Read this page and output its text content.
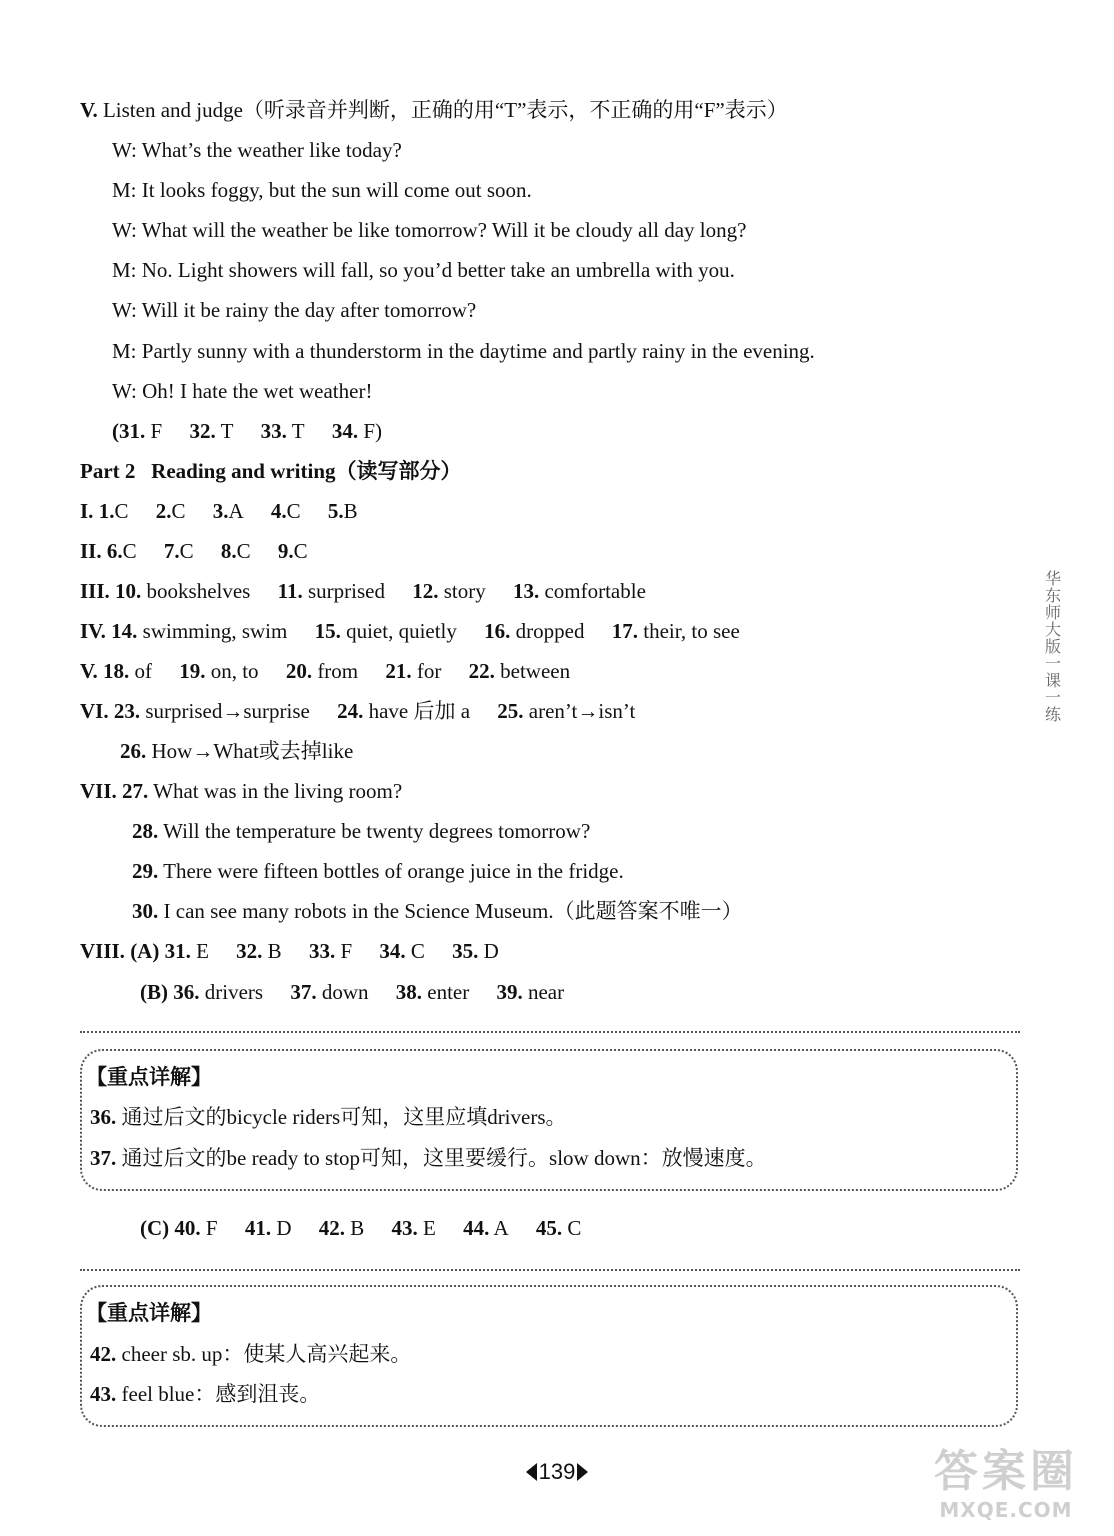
V. Listen and judge（听录音并判断，正确的用“T”表示，不正确的用“F”表示）
W: What’s the weather like today?
M: It looks foggy, but the sun will come out soon.
W: What will the weather be like tomorrow? Will it be cloudy all day long?
M: No. Light showers will fall, so you’d better take an umbrella with you.
W: Will it be rainy the day after tomorrow?
M: Partly sunny with a thunderstorm in the daytime and partly rainy in the evening.
W: Oh! I hate the wet weather!
(31. F 32. T 33. T 34. F)
Part 2 Reading and writing（读写部分）
I. 1.C 2.C 3.A 4.C 5.B
II. 6.C 7.C 8.C 9.C
III. 10. bookshelves 11. surprised 12. story 13. comfortable
IV. 14. swimming, swim 15. quiet, quietly 16. dropped 17. their, to see
V. 18. of 19. on, to 20. from 21. for 22. between
VI. 23. surprised→surprise 24. have 后加 a 25. aren’t→isn’t
26. How→What或去掉like
VII. 27. What was in the living room?
28. Will the temperature be twenty degrees tomorrow?
29. There were fifteen bottles of orange juice in the fridge.
30. I can see many robots in the Science Museum.（此题答案不唯一）
VIII. (A) 31. E 32. B 33. F 34. C 35. D
(B) 36. drivers 37. down 38. enter 39. near
【重点详解】
36. 通过后文的bicycle riders可知，这里应填drivers。
37. 通过后文的be ready to stop可知，这里要缓行。slow down：放慢速度。
(C) 40. F 41. D 42. B 43. E 44. A 45. C
【重点详解】
42. cheer sb. up：使某人高兴起来。
43. feel blue：感到沮丧。
华
东
师
大
版
一
课
一
练
139	答案圈
MXQE.COM
